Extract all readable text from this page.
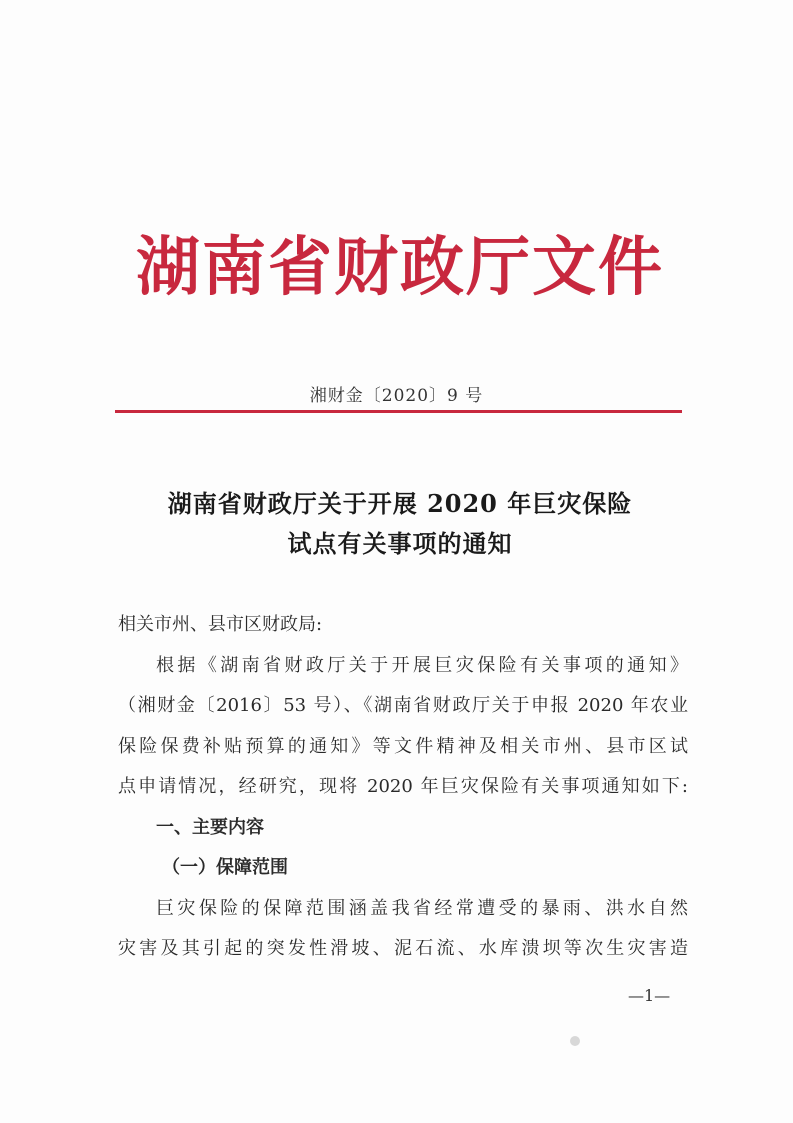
湖南省财政厅文件
湘财金〔2020〕9 号
湖南省财政厅关于开展 2020 年巨灾保险
试点有关事项的通知
相关市州、县市区财政局:
根据《湖南省财政厅关于开展巨灾保险有关事项的通知》
（湘财金〔2016〕53 号）、《湖南省财政厅关于申报 2020 年农业
保险保费补贴预算的通知》等文件精神及相关市州、县市区试
点申请情况，经研究，现将 2020 年巨灾保险有关事项通知如下:
一、主要内容
（一）保障范围
巨灾保险的保障范围涵盖我省经常遭受的暴雨、洪水自然
灾害及其引起的突发性滑坡、泥石流、水库溃坝等次生灾害造
—1—
